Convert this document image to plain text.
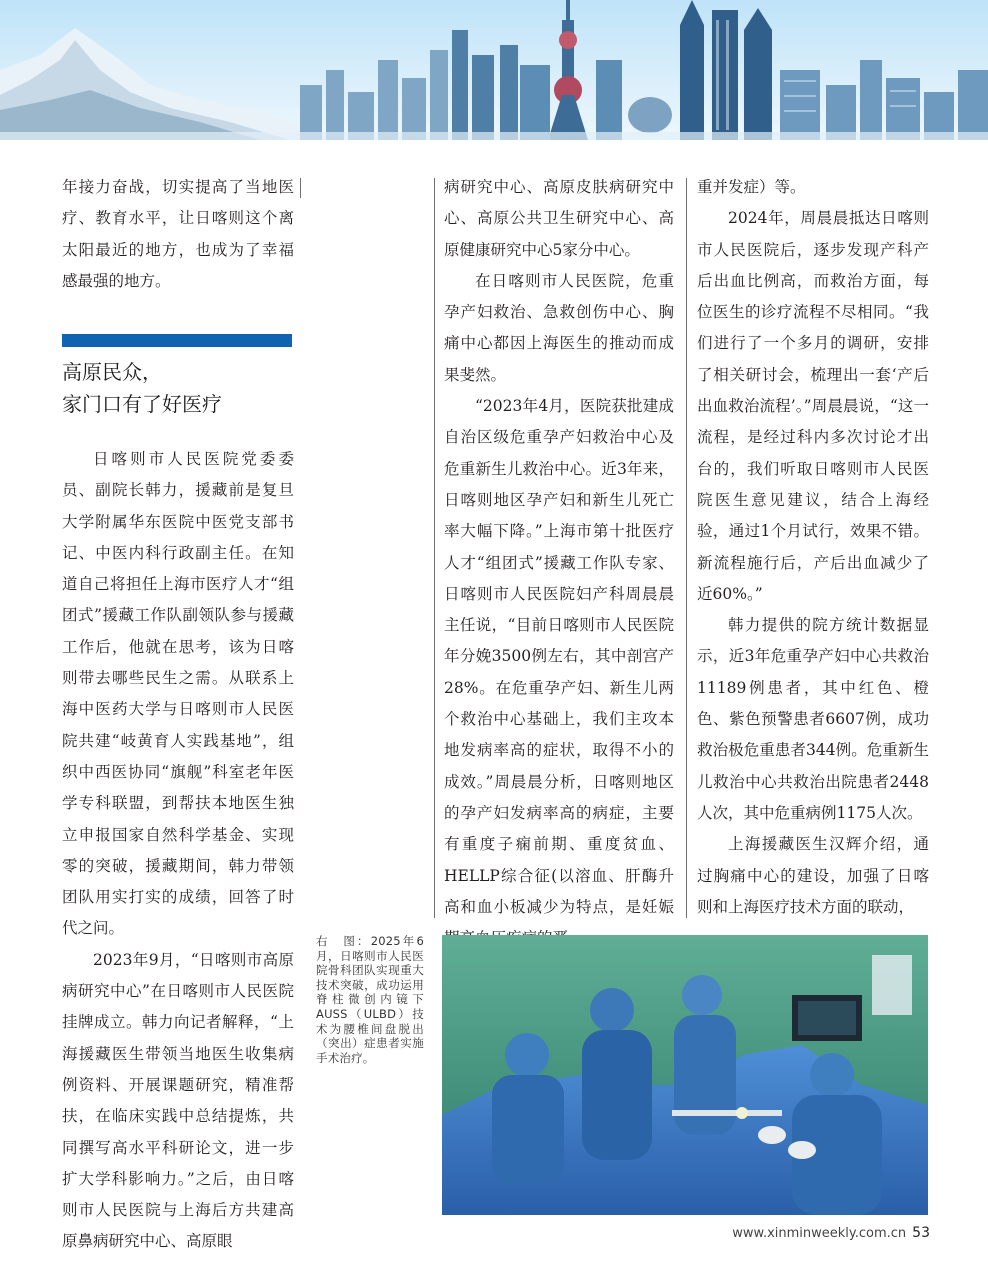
年接力奋战，切实提高了当地医疗、教育水平，让日喀则这个离太阳最近的地方，也成为了幸福感最强的地方。

高原民众，
家门口有了好医疗

日喀则市人民医院党委委员、副院长韩力，援藏前是复旦大学附属华东医院中医党支部书记、中医内科行政副主任。在知道自己将担任上海市医疗人才“组团式”援藏工作队副领队参与援藏工作后，他就在思考，该为日喀则带去哪些民生之需。从联系上海中医药大学与日喀则市人民医院共建“岐黄育人实践基地”，组织中西医协同“旗舰”科室老年医学专科联盟，到帮扶本地医生独立申报国家自然科学基金、实现零的突破，援藏期间，韩力带领团队用实打实的成绩，回答了时代之问。

2023年9月，“日喀则市高原病研究中心”在日喀则市人民医院挂牌成立。韩力向记者解释，“上海援藏医生带领当地医生收集病例资料、开展课题研究，精准帮扶，在临床实践中总结提炼，共同撰写高水平科研论文，进一步扩大学科影响力。”之后，由日喀则市人民医院与上海后方共建高原鼻病研究中心、高原眼

病研究中心、高原皮肤病研究中心、高原公共卫生研究中心、高原健康研究中心5家分中心。

在日喀则市人民医院，危重孕产妇救治、急救创伤中心、胸痛中心都因上海医生的推动而成果斐然。

“2023年4月，医院获批建成自治区级危重孕产妇救治中心及危重新生儿救治中心。近3年来，日喀则地区孕产妇和新生儿死亡率大幅下降。”上海市第十批医疗人才“组团式”援藏工作队专家、日喀则市人民医院妇产科周晨晨主任说，“目前日喀则市人民医院年分娩3500例左右，其中剖宫产28%。在危重孕产妇、新生儿两个救治中心基础上，我们主攻本地发病率高的症状，取得不小的成效。”周晨晨分析，日喀则地区的孕产妇发病率高的病症，主要有重度子痫前期、重度贫血、HELLP综合征(以溶血、肝酶升高和血小板减少为特点，是妊娠

重并发症）等。

2024年，周晨晨抵达日喀则市人民医院后，逐步发现产科产后出血比例高，而救治方面，每位医生的诊疗流程不尽相同。“我们进行了一个多月的调研，安排了相关研讨会，梳理出一套‘产后出血救治流程’。”周晨晨说，“这一流程，是经过科内多次讨论才出台的，我们听取日喀则市人民医院医生意见建议，结合上海经验，通过1个月试行，效果不错。新流程施行后，产后出血减少了近60%。”

韩力提供的院方统计数据显示，近3年危重孕产妇中心共救治11189例患者，其中红色、橙色、紫色预警患者6607例，成功救治极危重患者344例。危重新生儿救治中心共救治出院患者2448人次，其中危重病例1175人次。

上海援藏医生汉辉介绍，通过胸痛中心的建设，加强了日喀则和上海医疗技术方面的联动，

右　图：2025年6月，日喀则市人民医院骨科团队实现重大技术突破，成功运用脊柱微创内镜下AUSS（ULBD）技术为腰椎间盘脱出（突出）症患者实施手术治疗。
www.xinminweekly.com.cn 53
